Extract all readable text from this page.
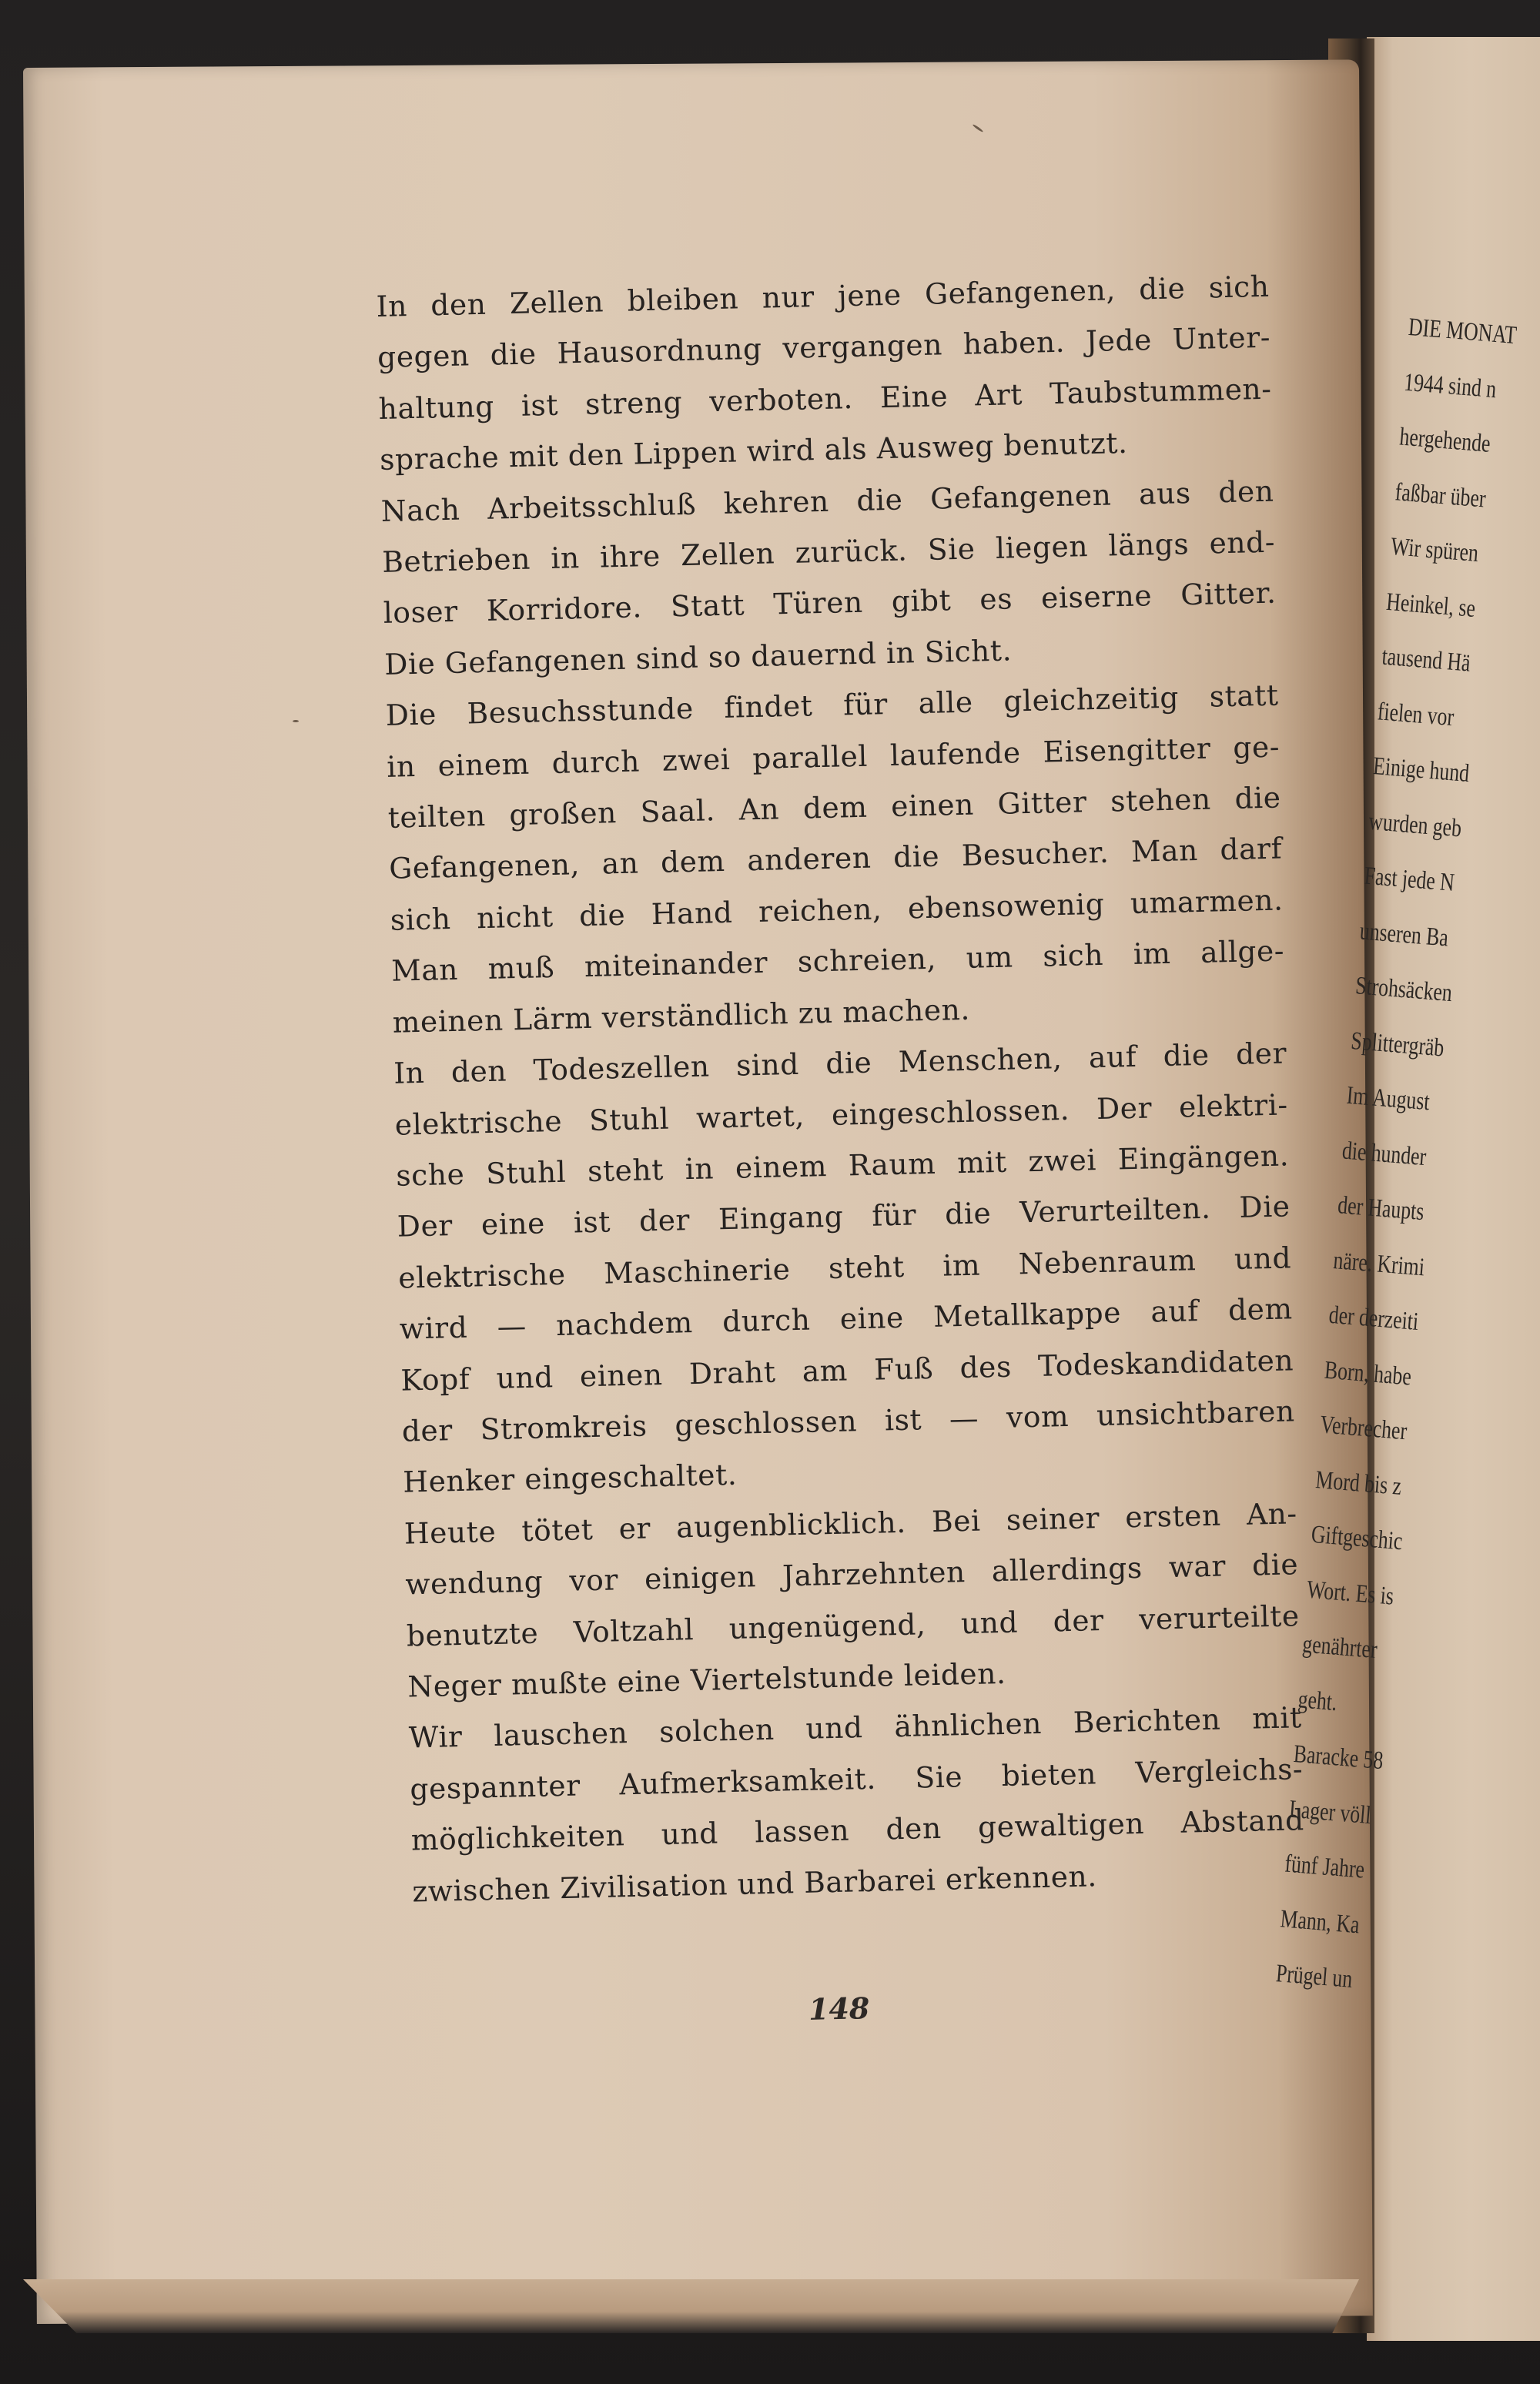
In den Zellen bleiben nur jene Gefangenen, die sich
gegen die Hausordnung vergangen haben. Jede Unter-
haltung ist streng verboten. Eine Art Taubstummen-
sprache mit den Lippen wird als Ausweg benutzt.
Nach Arbeitsschluß kehren die Gefangenen aus den
Betrieben in ihre Zellen zurück. Sie liegen längs end-
loser Korridore. Statt Türen gibt es eiserne Gitter.
Die Gefangenen sind so dauernd in Sicht.
Die Besuchsstunde findet für alle gleichzeitig statt
in einem durch zwei parallel laufende Eisengitter ge-
teilten großen Saal. An dem einen Gitter stehen die
Gefangenen, an dem anderen die Besucher. Man darf
sich nicht die Hand reichen, ebensowenig umarmen.
Man muß miteinander schreien, um sich im allge-
meinen Lärm verständlich zu machen.
In den Todeszellen sind die Menschen, auf die der
elektrische Stuhl wartet, eingeschlossen. Der elektri-
sche Stuhl steht in einem Raum mit zwei Eingängen.
Der eine ist der Eingang für die Verurteilten. Die
elektrische Maschinerie steht im Nebenraum und
wird — nachdem durch eine Metallkappe auf dem
Kopf und einen Draht am Fuß des Todeskandidaten
der Stromkreis geschlossen ist — vom unsichtbaren
Henker eingeschaltet.
Heute tötet er augenblicklich. Bei seiner ersten An-
wendung vor einigen Jahrzehnten allerdings war die
benutzte Voltzahl ungenügend, und der verurteilte
Neger mußte eine Viertelstunde leiden.
Wir lauschen solchen und ähnlichen Berichten mit
gespannter Aufmerksamkeit. Sie bieten Vergleichs-
möglichkeiten und lassen den gewaltigen Abstand
zwischen Zivilisation und Barbarei erkennen.
148
DIE MONAT
1944 sind n
hergehende
faßbar über
Wir spüren
Heinkel, se
tausend Hä
fielen vor
Einige hund
wurden geb
Fast jede N
unseren Ba
Strohsäcken
Splittergräb
Im August
die hunder
der Haupts
näre. Krimi
der derzeiti
Born, habe
Verbrecher
Mord bis z
Giftgeschic
Wort. Es is
genährter
geht.
Baracke 58
Lager völl
fünf Jahre
Mann, Ka
Prügel un
